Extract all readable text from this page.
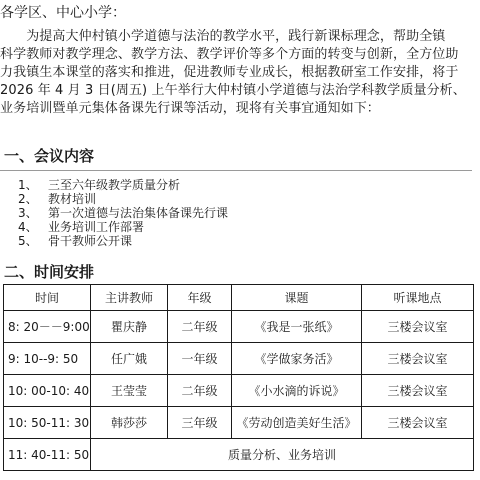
各学区、中心小学：
　　为提高大仲村镇小学道德与法治的教学水平，践行新课标理念，帮助全镇
科学教师对教学理念、教学方法、教学评价等多个方面的转变与创新，全方位助
力我镇生本课堂的落实和推进，促进教师专业成长，根据教研室工作安排，将于
2026 年 4 月 3 日(周五) 上午举行大仲村镇小学道德与法治学科教学质量分析、
业务培训暨单元集体备课先行课等活动，现将有关事宜通知如下：
一、会议内容
1、 三至六年级教学质量分析
2、 教材培训
3、 第一次道德与法治集体备课先行课
4、 业务培训工作部署
5、 骨干教师公开课
二、时间安排
时间	主讲教师	年级	课题	听课地点
8: 20－－9:00	瞿庆静	二年级	《我是一张纸》	三楼会议室
9: 10--9: 50	任广娥	一年级	《学做家务活》	三楼会议室
10: 00-10: 40	王莹莹	二年级	《小水滴的诉说》	三楼会议室
10: 50-11: 30	韩莎莎	三年级	《劳动创造美好生活》	三楼会议室
11: 40-11: 50	质量分析、业务培训			
